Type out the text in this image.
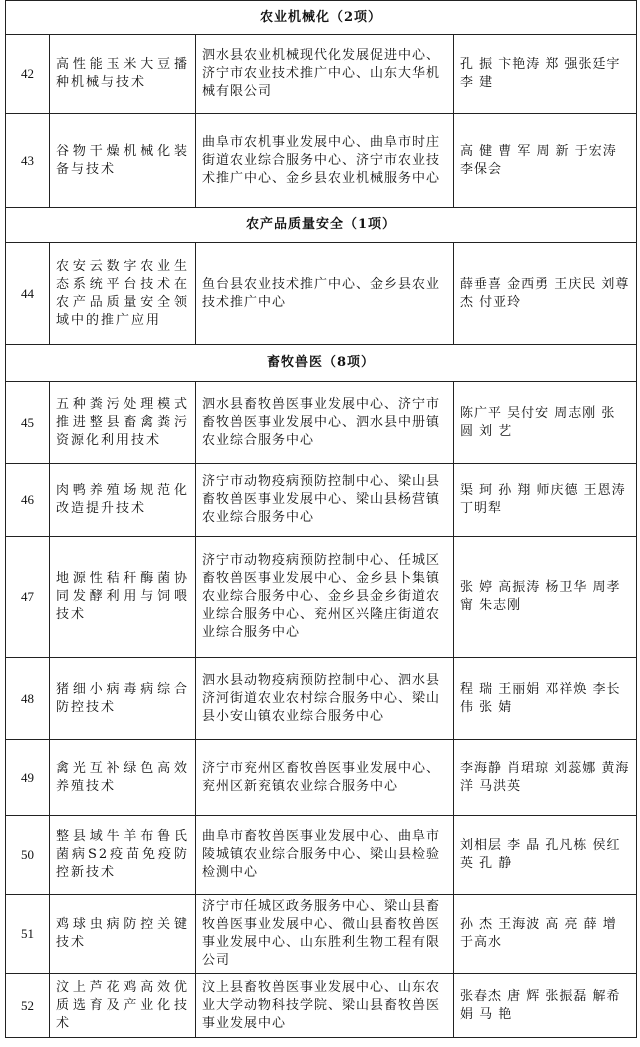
农业机械化（2项）			
42	高性能玉米大豆播种机械与技术	泗水县农业机械现代化发展促进中心、济宁市农业技术推广中心、山东大华机械有限公司	孔 振 卞艳涛 郑 强张廷宇 李 建
43	谷物干燥机械化装备与技术	曲阜市农机事业发展中心、曲阜市时庄街道农业综合服务中心、济宁市农业技术推广中心、金乡县农业机械服务中心	高 健 曹 军 周 新 于宏涛 李保会
农产品质量安全（1项）			
44	农安云数字农业生态系统平台技术在农产品质量安全领域中的推广应用	鱼台县农业技术推广中心、金乡县农业技术推广中心	薛垂喜 金西勇 王庆民 刘尊杰 付亚玲
畜牧兽医（8项）			
45	五种粪污处理模式推进整县畜禽粪污资源化利用技术	泗水县畜牧兽医事业发展中心、济宁市畜牧兽医事业发展中心、泗水县中册镇农业综合服务中心	陈广平 吴付安 周志刚 张 圆 刘 艺
46	肉鸭养殖场规范化改造提升技术	济宁市动物疫病预防控制中心、梁山县畜牧兽医事业发展中心、梁山县杨营镇农业综合服务中心	渠 珂 孙 翔 师庆德 王恩涛 丁明犁
47	地源性秸秆酶菌协同发酵利用与饲喂技术	济宁市动物疫病预防控制中心、任城区畜牧兽医事业发展中心、金乡县卜集镇农业综合服务中心、金乡县金乡街道农业综合服务中心、兖州区兴隆庄街道农业综合服务中心	张 婷 高振涛 杨卫华 周孝甯 朱志刚
48	猪细小病毒病综合防控技术	泗水县动物疫病预防控制中心、泗水县济河街道农业农村综合服务中心、梁山县小安山镇农业综合服务中心	程 瑞 王丽娟 邓祥焕 李长伟 张 婧
49	禽光互补绿色高效养殖技术	济宁市兖州区畜牧兽医事业发展中心、兖州区新兖镇农业综合服务中心	李海静 肖珺琼 刘蕊娜 黄海洋 马洪英
50	整县域牛羊布鲁氏菌病S2疫苗免疫防控新技术	曲阜市畜牧兽医事业发展中心、曲阜市陵城镇农业综合服务中心、梁山县检验检测中心	刘相层 李 晶 孔凡栋 侯红英 孔 静
51	鸡球虫病防控关键技术	济宁市任城区政务服务中心、梁山县畜牧兽医事业发展中心、微山县畜牧兽医事业发展中心、山东胜利生物工程有限公司	孙 杰 王海波 高 亮 薛 增 于高水
52	汶上芦花鸡高效优质选育及产业化技术	汶上县畜牧兽医事业发展中心、山东农业大学动物科技学院、梁山县畜牧兽医事业发展中心	张春杰 唐 辉 张振磊 解希娟 马 艳
